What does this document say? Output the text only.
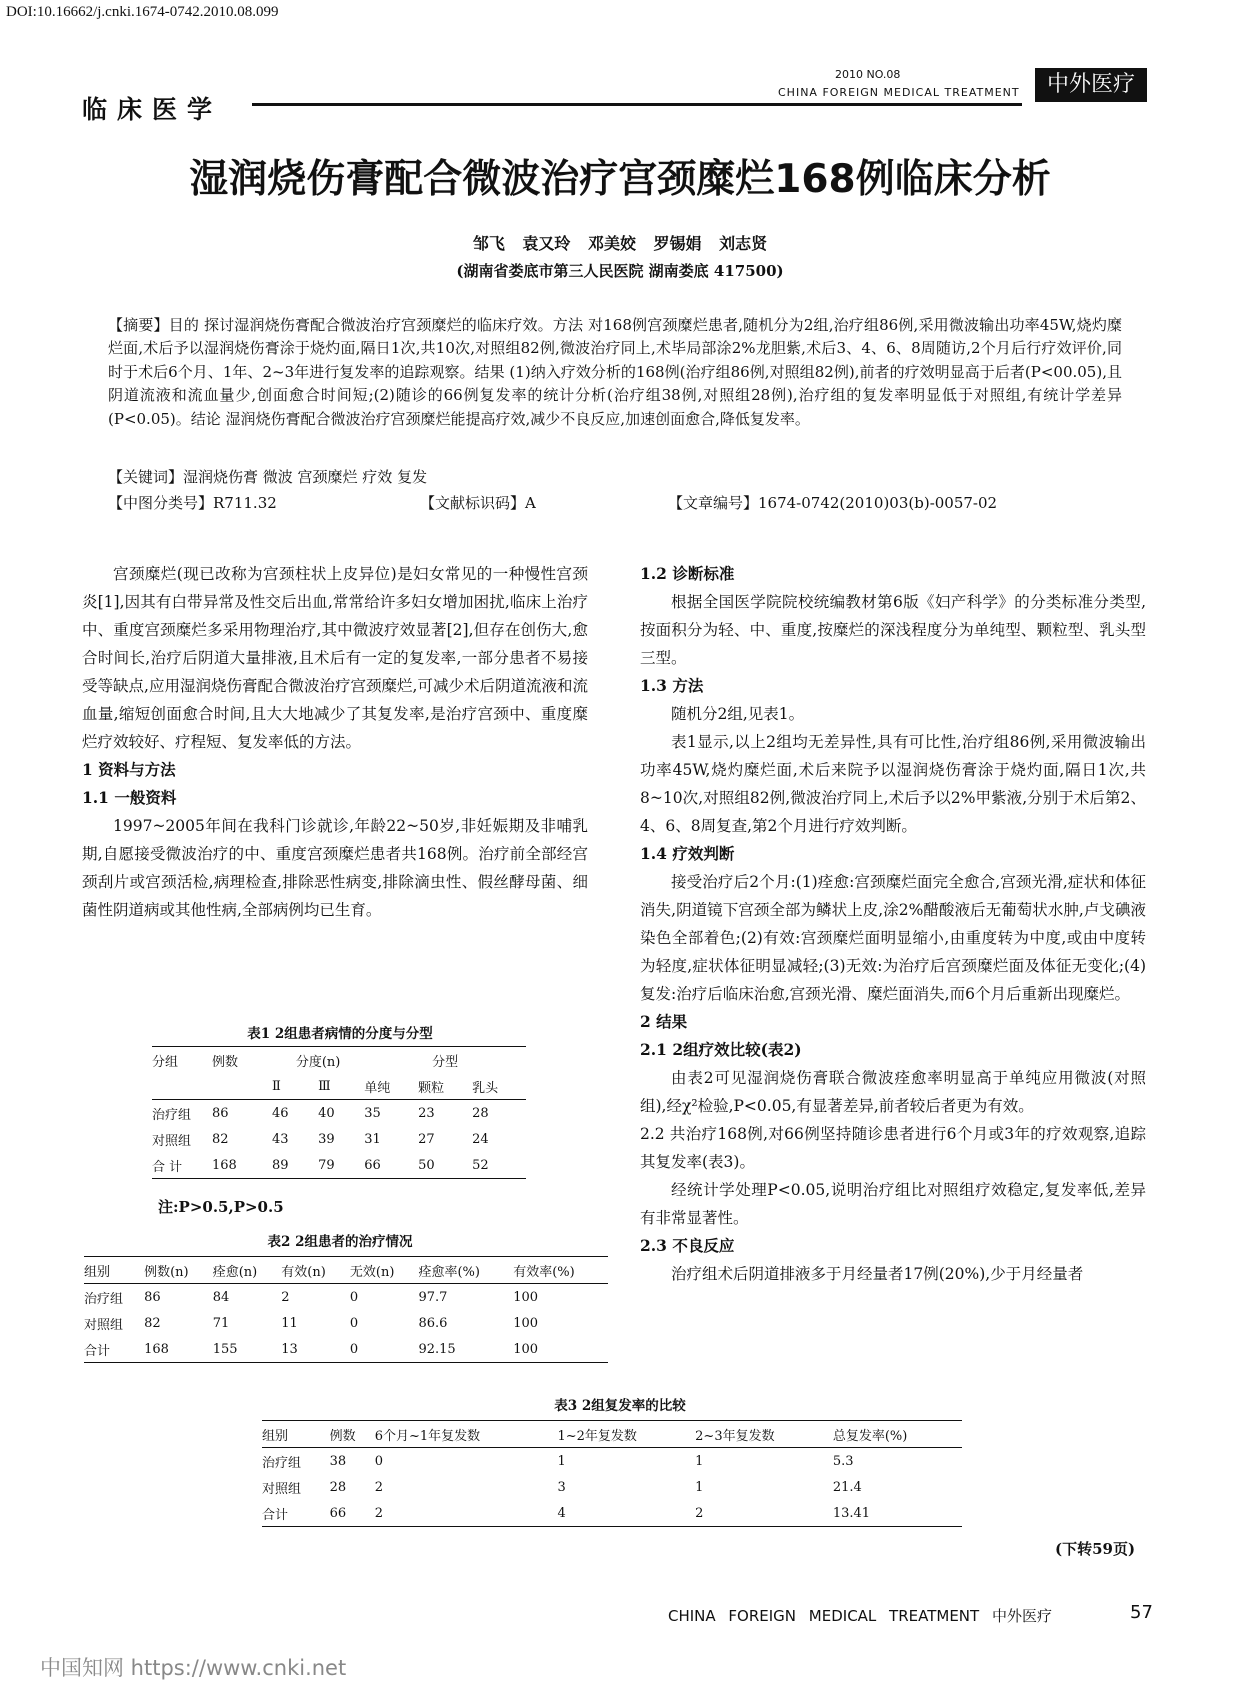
DOI:10.16662/j.cnki.1674-0742.2010.08.099
临床医学
2010 NO.08
CHINA FOREIGN MEDICAL TREATMENT	中外医疗
湿润烧伤膏配合微波治疗宫颈糜烂168例临床分析
邹飞 袁又玲 邓美姣 罗锡娟 刘志贤
(湖南省娄底市第三人民医院 湖南娄底 417500)
【摘要】目的 探讨湿润烧伤膏配合微波治疗宫颈糜烂的临床疗效。方法 对168例宫颈糜烂患者,随机分为2组,治疗组86例,采用微波输出功率45W,烧灼糜烂面,术后予以湿润烧伤膏涂于烧灼面,隔日1次,共10次,对照组82例,微波治疗同上,术毕局部涂2%龙胆紫,术后3、4、6、8周随访,2个月后行疗效评价,同时于术后6个月、1年、2~3年进行复发率的追踪观察。结果 (1)纳入疗效分析的168例(治疗组86例,对照组82例),前者的疗效明显高于后者(P<00.05),且阴道流液和流血量少,创面愈合时间短;(2)随诊的66例复发率的统计分析(治疗组38例,对照组28例),治疗组的复发率明显低于对照组,有统计学差异(P<0.05)。结论 湿润烧伤膏配合微波治疗宫颈糜烂能提高疗效,减少不良反应,加速创面愈合,降低复发率。
【关键词】湿润烧伤膏 微波 宫颈糜烂 疗效 复发
【中图分类号】R711.32	【文献标识码】A	【文章编号】1674-0742(2010)03(b)-0057-02

宫颈糜烂(现已改称为宫颈柱状上皮异位)是妇女常见的一种慢性宫颈炎[1],因其有白带异常及性交后出血,常常给许多妇女增加困扰,临床上治疗中、重度宫颈糜烂多采用物理治疗,其中微波疗效显著[2],但存在创伤大,愈合时间长,治疗后阴道大量排液,且术后有一定的复发率,一部分患者不易接受等缺点,应用湿润烧伤膏配合微波治疗宫颈糜烂,可减少术后阴道流液和流血量,缩短创面愈合时间,且大大地减少了其复发率,是治疗宫颈中、重度糜烂疗效较好、疗程短、复发率低的方法。

1 资料与方法

1.1 一般资料

1997~2005年间在我科门诊就诊,年龄22~50岁,非妊娠期及非哺乳期,自愿接受微波治疗的中、重度宫颈糜烂患者共168例。治疗前全部经宫颈刮片或宫颈活检,病理检查,排除恶性病变,排除滴虫性、假丝酵母菌、细菌性阴道病或其他性病,全部病例均已生育。

1.2 诊断标准

根据全国医学院院校统编教材第6版《妇产科学》的分类标准分类型,按面积分为轻、中、重度,按糜烂的深浅程度分为单纯型、颗粒型、乳头型三型。

1.3 方法

随机分2组,见表1。

表1显示,以上2组均无差异性,具有可比性,治疗组86例,采用微波输出功率45W,烧灼糜烂面,术后来院予以湿润烧伤膏涂于烧灼面,隔日1次,共8~10次,对照组82例,微波治疗同上,术后予以2%甲紫液,分别于术后第2、4、6、8周复查,第2个月进行疗效判断。

1.4 疗效判断

接受治疗后2个月:(1)痊愈:宫颈糜烂面完全愈合,宫颈光滑,症状和体征消失,阴道镜下宫颈全部为鳞状上皮,涂2%醋酸液后无葡萄状水肿,卢戈碘液染色全部着色;(2)有效:宫颈糜烂面明显缩小,由重度转为中度,或由中度转为轻度,症状体征明显减轻;(3)无效:为治疗后宫颈糜烂面及体征无变化;(4)复发:治疗后临床治愈,宫颈光滑、糜烂面消失,而6个月后重新出现糜烂。

2 结果

2.1 2组疗效比较(表2)

由表2可见湿润烧伤膏联合微波痊愈率明显高于单纯应用微波(对照组),经χ²检验,P<0.05,有显著差异,前者较后者更为有效。

2.2 共治疗168例,对66例坚持随诊患者进行6个月或3年的疗效观察,追踪其复发率(表3)。

经统计学处理P<0.05,说明治疗组比对照组疗效稳定,复发率低,差异有非常显著性。

2.3 不良反应

治疗组术后阴道排液多于月经量者17例(20%),少于月经量者

表1 2组患者病情的分度与分型
分组	例数	分度(n)		分型		
		Ⅱ	Ⅲ	单纯	颗粒	乳头
治疗组	86	46	40	35	23	28
对照组	82	43	39	31	27	24
合 计	168	89	79	66	50	52
注:P>0.5,P>0.5
表2 2组患者的治疗情况
组别	例数(n)	痊愈(n)	有效(n)	无效(n)	痊愈率(%)	有效率(%)
治疗组	86	84	2	0	97.7	100
对照组	82	71	11	0	86.6	100
合计	168	155	13	0	92.15	100
表3 2组复发率的比较
组别	例数	6个月~1年复发数	1~2年复发数	2~3年复发数	总复发率(%)
治疗组	38	0	1	1	5.3
对照组	28	2	3	1	21.4
合计	66	2	4	2	13.41
(下转59页)
CHINA FOREIGN MEDICAL TREATMENT 中外医疗	57
中国知网 https://www.cnki.net
